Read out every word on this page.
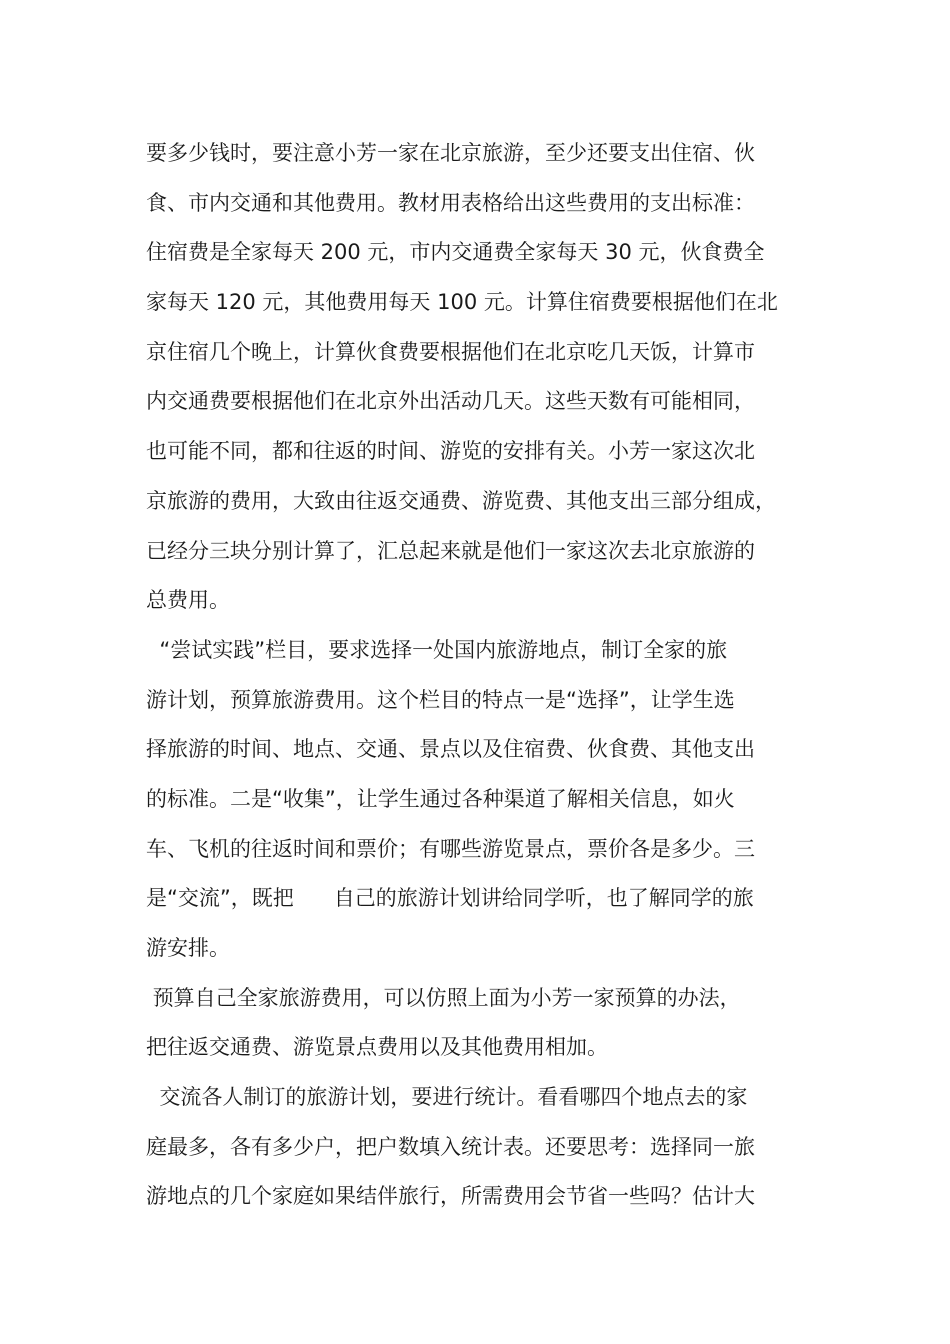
要多少钱时，要注意小芳一家在北京旅游，至少还要支出住宿、伙

食、市内交通和其他费用。教材用表格给出这些费用的支出标准：

住宿费是全家每天 200 元，市内交通费全家每天 30 元，伙食费全

家每天 120 元，其他费用每天 100 元。计算住宿费要根据他们在北

京住宿几个晚上，计算伙食费要根据他们在北京吃几天饭，计算市

内交通费要根据他们在北京外出活动几天。这些天数有可能相同，

也可能不同，都和往返的时间、游览的安排有关。小芳一家这次北

京旅游的费用，大致由往返交通费、游览费、其他支出三部分组成，

已经分三块分别计算了，汇总起来就是他们一家这次去北京旅游的

总费用。

“尝试实践”栏目，要求选择一处国内旅游地点，制订全家的旅

游计划，预算旅游费用。这个栏目的特点一是“选择”，让学生选

择旅游的时间、地点、交通、景点以及住宿费、伙食费、其他支出

的标准。二是“收集”，让学生通过各种渠道了解相关信息，如火

车、飞机的往返时间和票价；有哪些游览景点，票价各是多少。三

是“交流”，既把      自己的旅游计划讲给同学听，也了解同学的旅

游安排。

预算自己全家旅游费用，可以仿照上面为小芳一家预算的办法，

把往返交通费、游览景点费用以及其他费用相加。

交流各人制订的旅游计划，要进行统计。看看哪四个地点去的家

庭最多，各有多少户，把户数填入统计表。还要思考：选择同一旅

游地点的几个家庭如果结伴旅行，所需费用会节省一些吗？估计大
